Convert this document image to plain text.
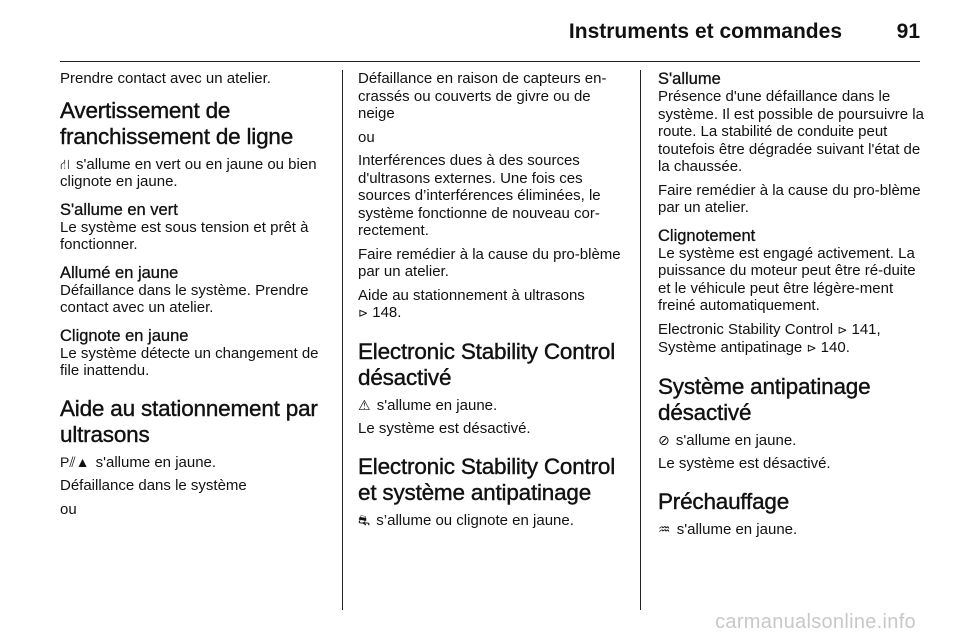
Instruments et commandes	91

Prendre contact avec un atelier.

Avertissement de franchissement de ligne

⛙ s'allume en vert ou en jaune ou bien clignote en jaune.

S'allume en vert

Le système est sous tension et prêt à fonctionner.

Allumé en jaune

Défaillance dans le système. Prendre contact avec un atelier.

Clignote en jaune

Le système détecte un changement de file inattendu.

Aide au stationnement par ultrasons

P⫽▲ s'allume en jaune.

Défaillance dans le système

ou

Défaillance en raison de capteurs en-crassés ou couverts de givre ou de neige

ou

Interférences dues à des sources d'ultrasons externes. Une fois ces sources d’interférences éliminées, le système fonctionne de nouveau cor-rectement.

Faire remédier à la cause du pro-blème par un atelier.

Aide au stationnement à ultrasons
⊳ 148.

Electronic Stability Control désactivé

⚠ s'allume en jaune.

Le système est désactivé.

Electronic Stability Control et système antipatinage

⛐ s’allume ou clignote en jaune.

S'allume

Présence d'une défaillance dans le système. Il est possible de poursuivre la route. La stabilité de conduite peut toutefois être dégradée suivant l'état de la chaussée.

Faire remédier à la cause du pro-blème par un atelier.

Clignotement

Le système est engagé activement. La puissance du moteur peut être ré-duite et le véhicule peut être légère-ment freiné automatiquement.

Electronic Stability Control ⊳ 141,
Système antipatinage ⊳ 140.

Système antipatinage désactivé

⊘ s'allume en jaune.

Le système est désactivé.

Préchauffage

♒ s'allume en jaune.

carmanualsonline.info
